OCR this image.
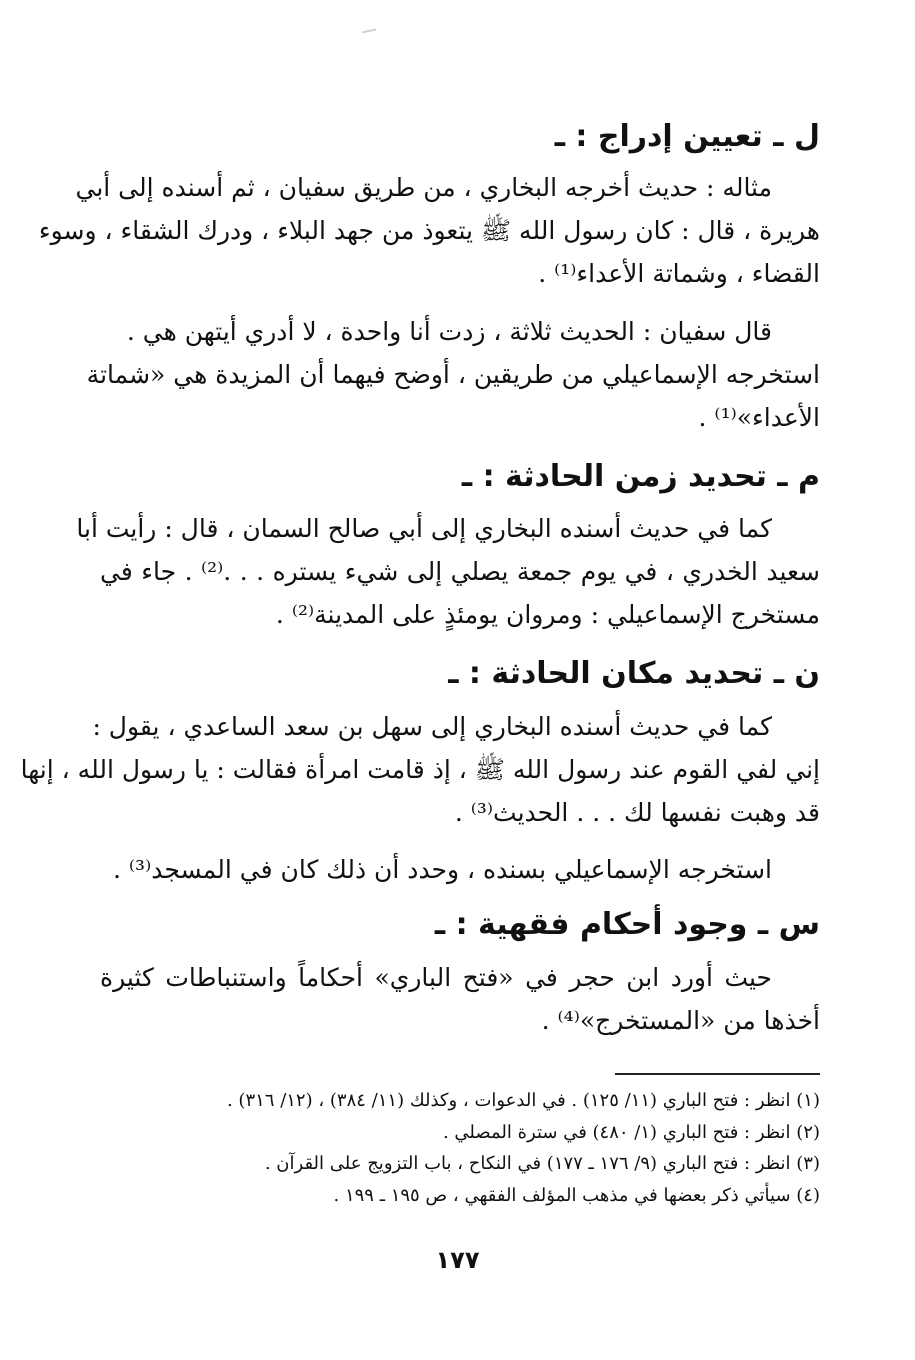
ل ـ تعيين إدراج : ـ
مثاله : حديث أخرجه البخاري ، من طريق سفيان ، ثم أسنده إلى أبي
هريرة ، قال : كان رسول الله ﷺ يتعوذ من جهد البلاء ، ودرك الشقاء ، وسوء
القضاء ، وشماتة الأعداء⁽¹⁾ .
قال سفيان : الحديث ثلاثة ، زدت أنا واحدة ، لا أدري أيتهن هي .
استخرجه الإسماعيلي من طريقين ، أوضح فيهما أن المزيدة هي «شماتة
الأعداء»⁽¹⁾ .
م ـ تحديد زمن الحادثة : ـ
كما في حديث أسنده البخاري إلى أبي صالح السمان ، قال : رأيت أبا
سعيد الخدري ، في يوم جمعة يصلي إلى شيء يستره . . .⁽²⁾ . جاء في
مستخرج الإسماعيلي : ومروان يومئذٍ على المدينة⁽²⁾ .
ن ـ تحديد مكان الحادثة : ـ
كما في حديث أسنده البخاري إلى سهل بن سعد الساعدي ، يقول :
إني لفي القوم عند رسول الله ﷺ ، إذ قامت امرأة فقالت : يا رسول الله ، إنها
قد وهبت نفسها لك . . . الحديث⁽³⁾ .
استخرجه الإسماعيلي بسنده ، وحدد أن ذلك كان في المسجد⁽³⁾ .
س ـ وجود أحكام فقهية : ـ
حيث أورد ابن حجر في «فتح الباري» أحكاماً واستنباطات كثيرة
أخذها من «المستخرج»⁽⁴⁾ .
(١) انظر : فتح الباري (١١/ ١٢٥) . في الدعوات ، وكذلك (١١/ ٣٨٤) ، (١٢/ ٣١٦) .
(٢) انظر : فتح الباري (١/ ٤٨٠) في سترة المصلي .
(٣) انظر : فتح الباري (٩/ ١٧٦ ـ ١٧٧) في النكاح ، باب التزويج على القرآن .
(٤) سيأتي ذكر بعضها في مذهب المؤلف الفقهي ، ص ١٩٥ ـ ١٩٩ .
١٧٧
